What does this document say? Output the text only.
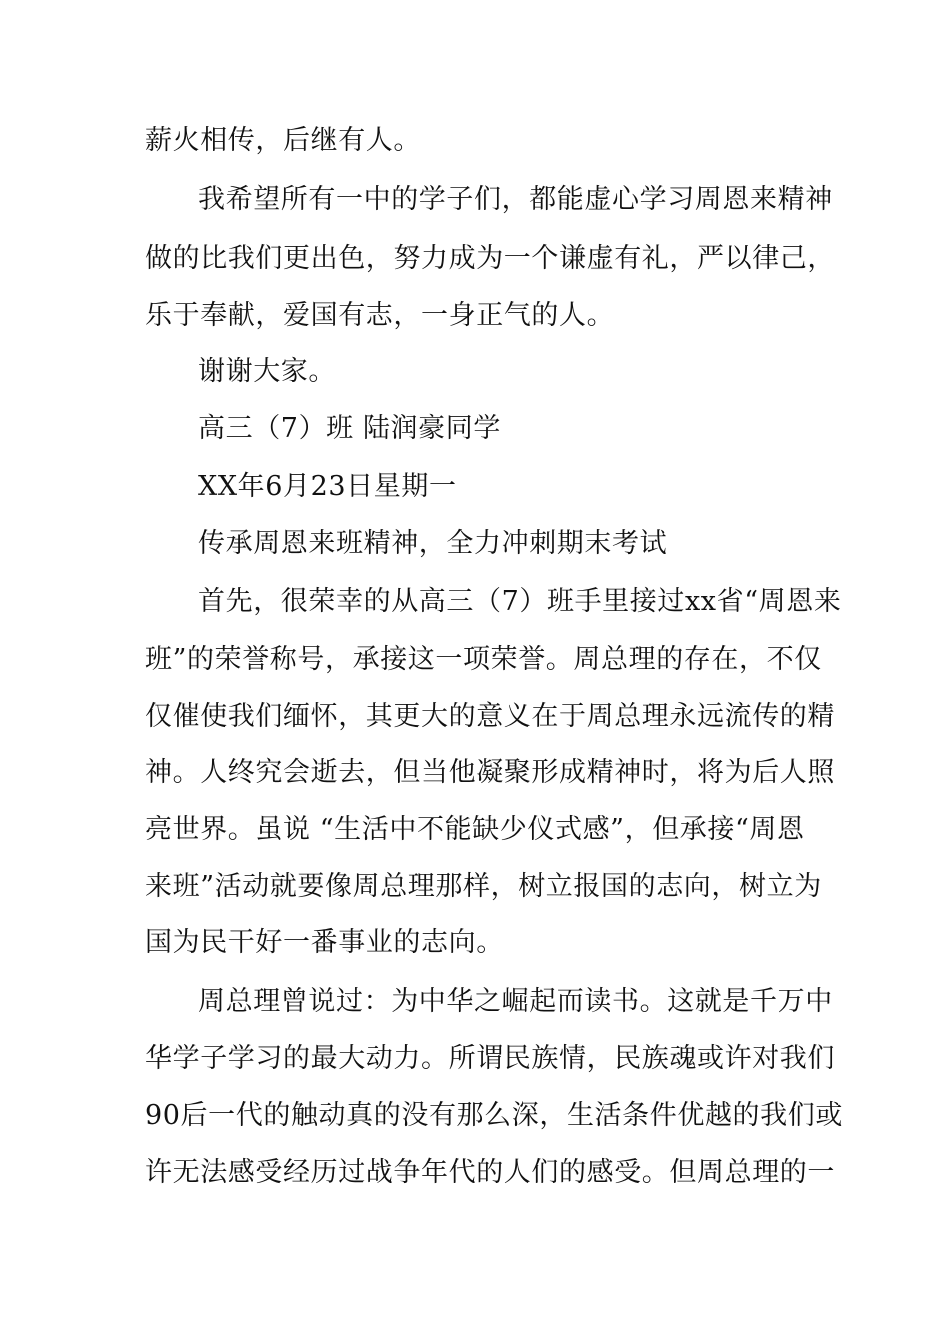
薪火相传，后继有人。
我希望所有一中的学子们，都能虚心学习周恩来精神
做的比我们更出色，努力成为一个谦虚有礼，严以律己，
乐于奉献，爱国有志，一身正气的人。
谢谢大家。
高三（7）班 陆润豪同学
XX年6月23日星期一
传承周恩来班精神，全力冲刺期末考试
首先，很荣幸的从高三（7）班手里接过xx省“周恩来
班”的荣誉称号，承接这一项荣誉。周总理的存在，不仅
仅催使我们缅怀，其更大的意义在于周总理永远流传的精
神。人终究会逝去，但当他凝聚形成精神时，将为后人照
亮世界。虽说 “生活中不能缺少仪式感”，但承接“周恩
来班”活动就要像周总理那样，树立报国的志向，树立为
国为民干好一番事业的志向。
周总理曾说过：为中华之崛起而读书。这就是千万中
华学子学习的最大动力。所谓民族情，民族魂或许对我们
90后一代的触动真的没有那么深，生活条件优越的我们或
许无法感受经历过战争年代的人们的感受。但周总理的一
